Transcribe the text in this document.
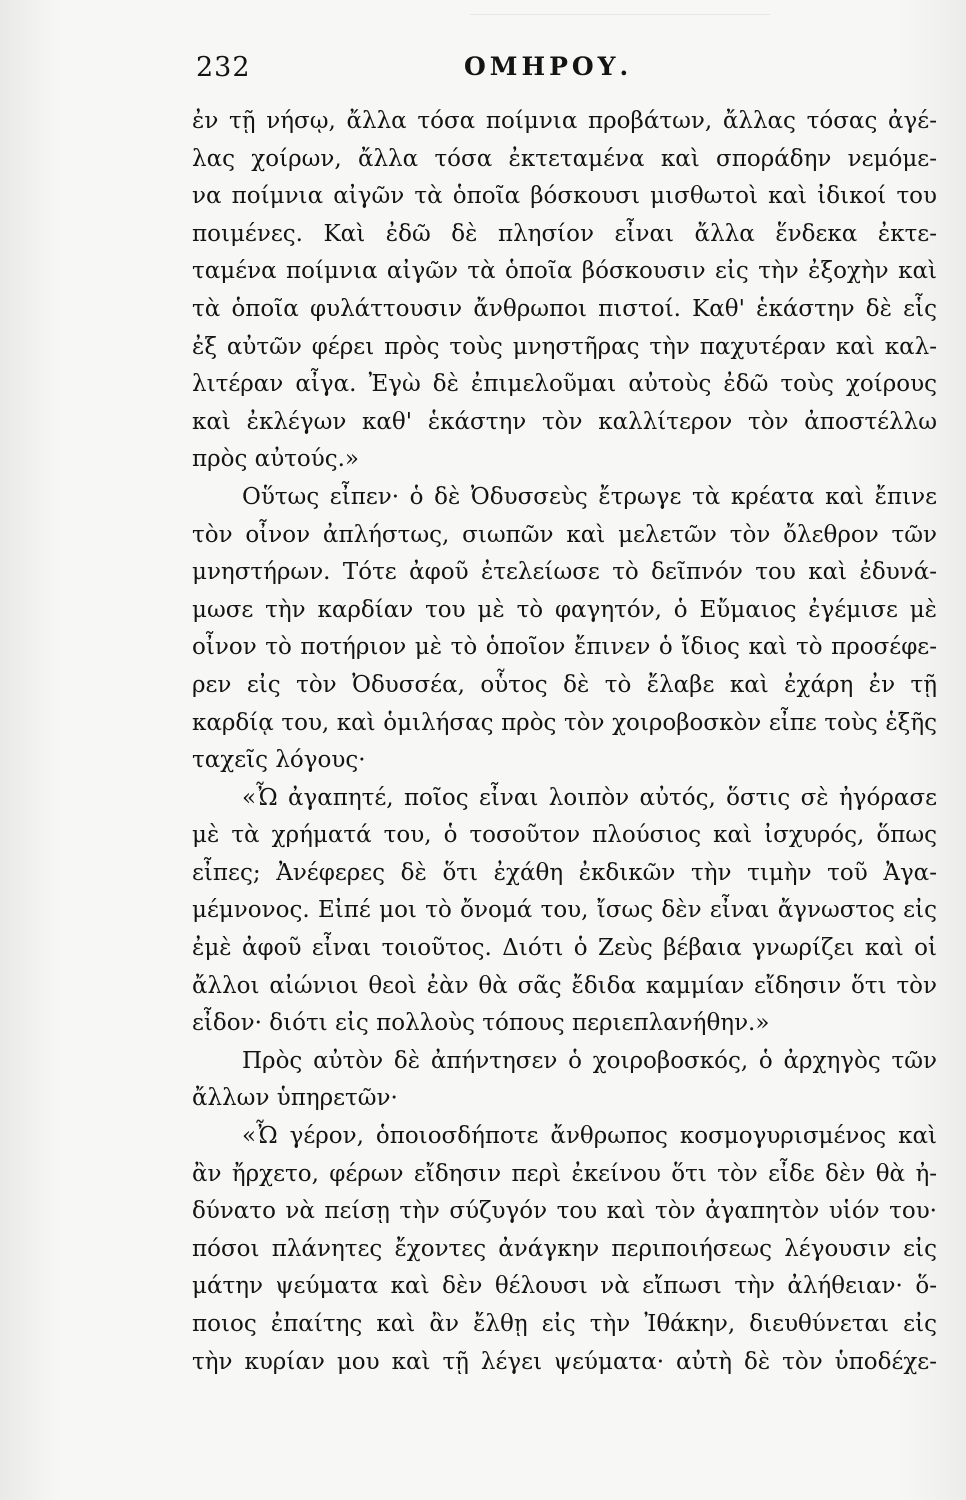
232	ΟΜΗΡΟΥ.
ἐν τῇ νήσῳ, ἄλλα τόσα ποίμνια προβάτων, ἄλλας τόσας ἀγέ-
λας χοίρων, ἄλλα τόσα ἐκτεταμένα καὶ σποράδην νεμόμε-
να ποίμνια αἰγῶν τὰ ὁποῖα βόσκουσι μισθωτοὶ καὶ ἰδικοί του
ποιμένες. Καὶ ἐδῶ δὲ πλησίον εἶναι ἄλλα ἕνδεκα ἐκτε-
ταμένα ποίμνια αἰγῶν τὰ ὁποῖα βόσκουσιν εἰς τὴν ἐξοχὴν καὶ
τὰ ὁποῖα φυλάττουσιν ἄνθρωποι πιστοί. Καθ' ἑκάστην δὲ εἷς
ἐξ αὐτῶν φέρει πρὸς τοὺς μνηστῆρας τὴν παχυτέραν καὶ καλ-
λιτέραν αἶγα. Ἐγὼ δὲ ἐπιμελοῦμαι αὐτοὺς ἐδῶ τοὺς χοίρους
καὶ ἐκλέγων καθ' ἑκάστην τὸν καλλίτερον τὸν ἀποστέλλω
πρὸς αὐτούς.»
Οὕτως εἶπεν· ὁ δὲ Ὀδυσσεὺς ἔτρωγε τὰ κρέατα καὶ ἔπινε
τὸν οἶνον ἀπλήστως, σιωπῶν καὶ μελετῶν τὸν ὄλεθρον τῶν
μνηστήρων. Τότε ἀφοῦ ἐτελείωσε τὸ δεῖπνόν του καὶ ἐδυνά-
μωσε τὴν καρδίαν του μὲ τὸ φαγητόν, ὁ Εὔμαιος ἐγέμισε μὲ
οἶνον τὸ ποτήριον μὲ τὸ ὁποῖον ἔπινεν ὁ ἴδιος καὶ τὸ προσέφε-
ρεν εἰς τὸν Ὀδυσσέα, οὗτος δὲ τὸ ἔλαβε καὶ ἐχάρη ἐν τῇ
καρδίᾳ του, καὶ ὁμιλήσας πρὸς τὸν χοιροβοσκὸν εἶπε τοὺς ἑξῆς
ταχεῖς λόγους·
«Ὦ ἀγαπητέ, ποῖος εἶναι λοιπὸν αὐτός, ὅστις σὲ ἠγόρασε
μὲ τὰ χρήματά του, ὁ τοσοῦτον πλούσιος καὶ ἰσχυρός, ὅπως
εἶπες; Ἀνέφερες δὲ ὅτι ἐχάθη ἐκδικῶν τὴν τιμὴν τοῦ Ἀγα-
μέμνονος. Εἰπέ μοι τὸ ὄνομά του, ἴσως δὲν εἶναι ἄγνωστος εἰς
ἐμὲ ἀφοῦ εἶναι τοιοῦτος. Διότι ὁ Ζεὺς βέβαια γνωρίζει καὶ οἱ
ἄλλοι αἰώνιοι θεοὶ ἐὰν θὰ σᾶς ἔδιδα καμμίαν εἴδησιν ὅτι τὸν
εἶδον· διότι εἰς πολλοὺς τόπους περιεπλανήθην.»
Πρὸς αὐτὸν δὲ ἀπήντησεν ὁ χοιροβοσκός, ὁ ἀρχηγὸς τῶν
ἄλλων ὑπηρετῶν·
«Ὦ γέρον, ὁποιοσδήποτε ἄνθρωπος κοσμογυρισμένος καὶ
ἂν ἤρχετο, φέρων εἴδησιν περὶ ἐκείνου ὅτι τὸν εἶδε δὲν θὰ ἠ-
δύνατο νὰ πείσῃ τὴν σύζυγόν του καὶ τὸν ἀγαπητὸν υἱόν του·
πόσοι πλάνητες ἔχοντες ἀνάγκην περιποιήσεως λέγουσιν εἰς
μάτην ψεύματα καὶ δὲν θέλουσι νὰ εἴπωσι τὴν ἀλήθειαν· ὅ-
ποιος ἐπαίτης καὶ ἂν ἔλθῃ εἰς τὴν Ἰθάκην, διευθύνεται εἰς
τὴν κυρίαν μου καὶ τῇ λέγει ψεύματα· αὐτὴ δὲ τὸν ὑποδέχε-
